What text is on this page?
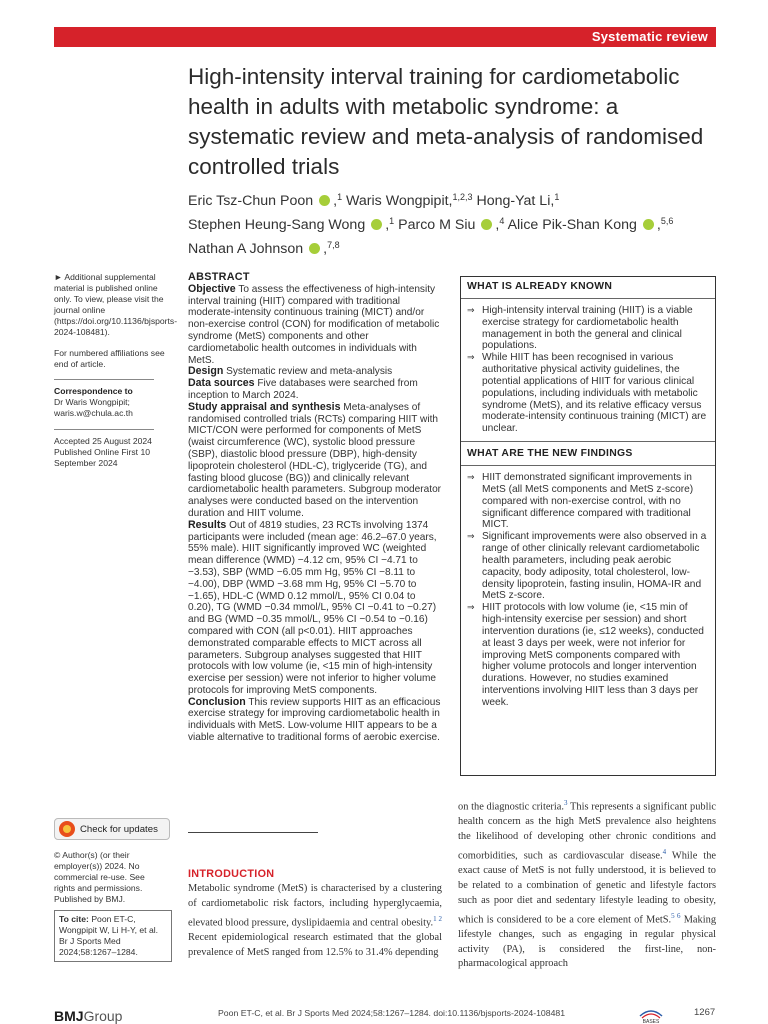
Systematic review
High-intensity interval training for cardiometabolic health in adults with metabolic syndrome: a systematic review and meta-analysis of randomised controlled trials
Eric Tsz-Chun Poon ,$^1$ Waris Wongpipit,$^{1,2,3}$ Hong-Yat Li,$^1$
Stephen Heung-Sang Wong ,$^1$ Parco M Siu ,$^4$ Alice Pik-Shan Kong ,$^{5,6}$
Nathan A Johnson ,$^{7,8}$

► Additional supplemental material is published online only. To view, please visit the journal online (https://doi.org/10.1136/bjsports-2024-108481).

For numbered affiliations see end of article.

Correspondence to

Dr Waris Wongpipit;

waris.w@chula.ac.th

Accepted 25 August 2024

Published Online First 10 September 2024

Check for updates

© Author(s) (or their employer(s)) 2024. No commercial re-use. See rights and permissions. Published by BMJ.

To cite: Poon ET-C, Wongpipit W, Li H-Y, et al. Br J Sports Med 2024;58:1267–1284.
ABSTRACT

Objective To assess the effectiveness of high-intensity interval training (HIIT) compared with traditional moderate-intensity continuous training (MICT) and/or non-exercise control (CON) for modification of metabolic syndrome (MetS) components and other cardiometabolic health outcomes in individuals with MetS.

Design Systematic review and meta-analysis

Data sources Five databases were searched from inception to March 2024.

Study appraisal and synthesis Meta-analyses of randomised controlled trials (RCTs) comparing HIIT with MICT/CON were performed for components of MetS (waist circumference (WC), systolic blood pressure (SBP), diastolic blood pressure (DBP), high-density lipoprotein cholesterol (HDL-C), triglyceride (TG), and fasting blood glucose (BG)) and clinically relevant cardiometabolic health parameters. Subgroup moderator analyses were conducted based on the intervention duration and HIIT volume.

Results Out of 4819 studies, 23 RCTs involving 1374 participants were included (mean age: 46.2–67.0 years, 55% male). HIIT significantly improved WC (weighted mean difference (WMD) −4.12 cm, 95% CI −4.71 to −3.53), SBP (WMD −6.05 mm Hg, 95% CI −8.11 to −4.00), DBP (WMD −3.68 mm Hg, 95% CI −5.70 to −1.65), HDL-C (WMD 0.12 mmol/L, 95% CI 0.04 to 0.20), TG (WMD −0.34 mmol/L, 95% CI −0.41 to −0.27) and BG (WMD −0.35 mmol/L, 95% CI −0.54 to −0.16) compared with CON (all p<0.01). HIIT approaches demonstrated comparable effects to MICT across all parameters. Subgroup analyses suggested that HIIT protocols with low volume (ie, <15 min of high-intensity exercise per session) were not inferior to higher volume protocols for improving MetS components.

Conclusion This review supports HIIT as an efficacious exercise strategy for improving cardiometabolic health in individuals with MetS. Low-volume HIIT appears to be a viable alternative to traditional forms of aerobic exercise.

WHAT IS ALREADY KNOWN
⇒ High-intensity interval training (HIIT) is a viable exercise strategy for cardiometabolic health management in both the general and clinical populations.
⇒ While HIIT has been recognised in various authoritative physical activity guidelines, the potential applications of HIIT for various clinical populations, including individuals with metabolic syndrome (MetS), and its relative efficacy versus moderate-intensity continuous training (MICT) are unclear.
WHAT ARE THE NEW FINDINGS
⇒ HIIT demonstrated significant improvements in MetS (all MetS components and MetS z-score) compared with non-exercise control, with no significant difference compared with traditional MICT.
⇒ Significant improvements were also observed in a range of other clinically relevant cardiometabolic health parameters, including peak aerobic capacity, body adiposity, total cholesterol, low-density lipoprotein, fasting insulin, HOMA-IR and MetS z-score.
⇒ HIIT protocols with low volume (ie, <15 min of high-intensity exercise per session) and short intervention durations (ie, ≤12 weeks), conducted at least 3 days per week, were not inferior for improving MetS components compared with higher volume protocols and longer intervention durations. However, no studies examined interventions involving HIIT less than 3 days per week.
INTRODUCTION
Metabolic syndrome (MetS) is characterised by a clustering of cardiometabolic risk factors, including hyperglycaemia, elevated blood pressure, dyslipidaemia and central obesity.$^{1 2}$ Recent epidemiological research estimated that the global prevalence of MetS ranged from 12.5% to 31.4% depending
on the diagnostic criteria.$^3$ This represents a significant public health concern as the high MetS prevalence also heightens the likelihood of developing other chronic conditions and comorbidities, such as cardiovascular disease.$^4$ While the exact cause of MetS is not fully understood, it is believed to be related to a combination of genetic and lifestyle factors such as poor diet and sedentary lifestyle leading to obesity, which is considered to be a core element of MetS.$^{5 6}$ Making lifestyle changes, such as engaging in regular physical activity (PA), is considered the first-line, non-pharmacological approach
BMJGroup	Poon ET-C, et al. Br J Sports Med 2024;58:1267–1284. doi:10.1136/bjsports-2024-108481
BASES
1267
